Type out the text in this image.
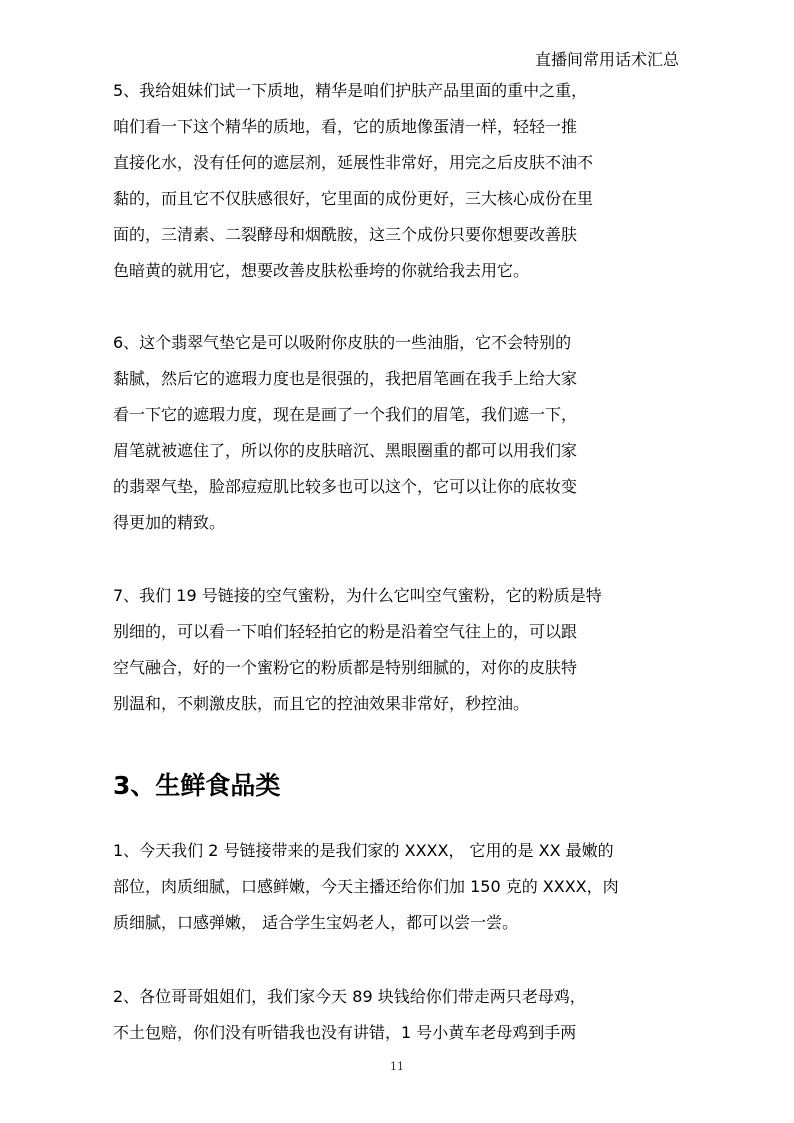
直播间常用话术汇总
5、我给姐妹们试一下质地，精华是咱们护肤产品里面的重中之重，
咱们看一下这个精华的质地，看，它的质地像蛋清一样，轻轻一推
直接化水，没有任何的遮层剂，延展性非常好，用完之后皮肤不油不
黏的，而且它不仅肤感很好，它里面的成份更好，三大核心成份在里
面的，三清素、二裂酵母和烟酰胺，这三个成份只要你想要改善肤
色暗黄的就用它，想要改善皮肤松垂垮的你就给我去用它。
6、这个翡翠气垫它是可以吸附你皮肤的一些油脂，它不会特别的
黏腻，然后它的遮瑕力度也是很强的，我把眉笔画在我手上给大家
看一下它的遮瑕力度，现在是画了一个我们的眉笔，我们遮一下，
眉笔就被遮住了，所以你的皮肤暗沉、黑眼圈重的都可以用我们家
的翡翠气垫，脸部痘痘肌比较多也可以这个，它可以让你的底妆变
得更加的精致。
7、我们 19 号链接的空气蜜粉，为什么它叫空气蜜粉，它的粉质是特
别细的，可以看一下咱们轻轻拍它的粉是沿着空气往上的，可以跟
空气融合，好的一个蜜粉它的粉质都是特别细腻的，对你的皮肤特
别温和，不刺激皮肤，而且它的控油效果非常好，秒控油。
3、生鲜食品类
1、今天我们 2 号链接带来的是我们家的 XXXX， 它用的是 XX 最嫩的
部位，肉质细腻，口感鲜嫩，今天主播还给你们加 150 克的 XXXX，肉
质细腻，口感弹嫩， 适合学生宝妈老人，都可以尝一尝。
2、各位哥哥姐姐们，我们家今天 89 块钱给你们带走两只老母鸡，
不土包赔，你们没有听错我也没有讲错，1 号小黄车老母鸡到手两
11
